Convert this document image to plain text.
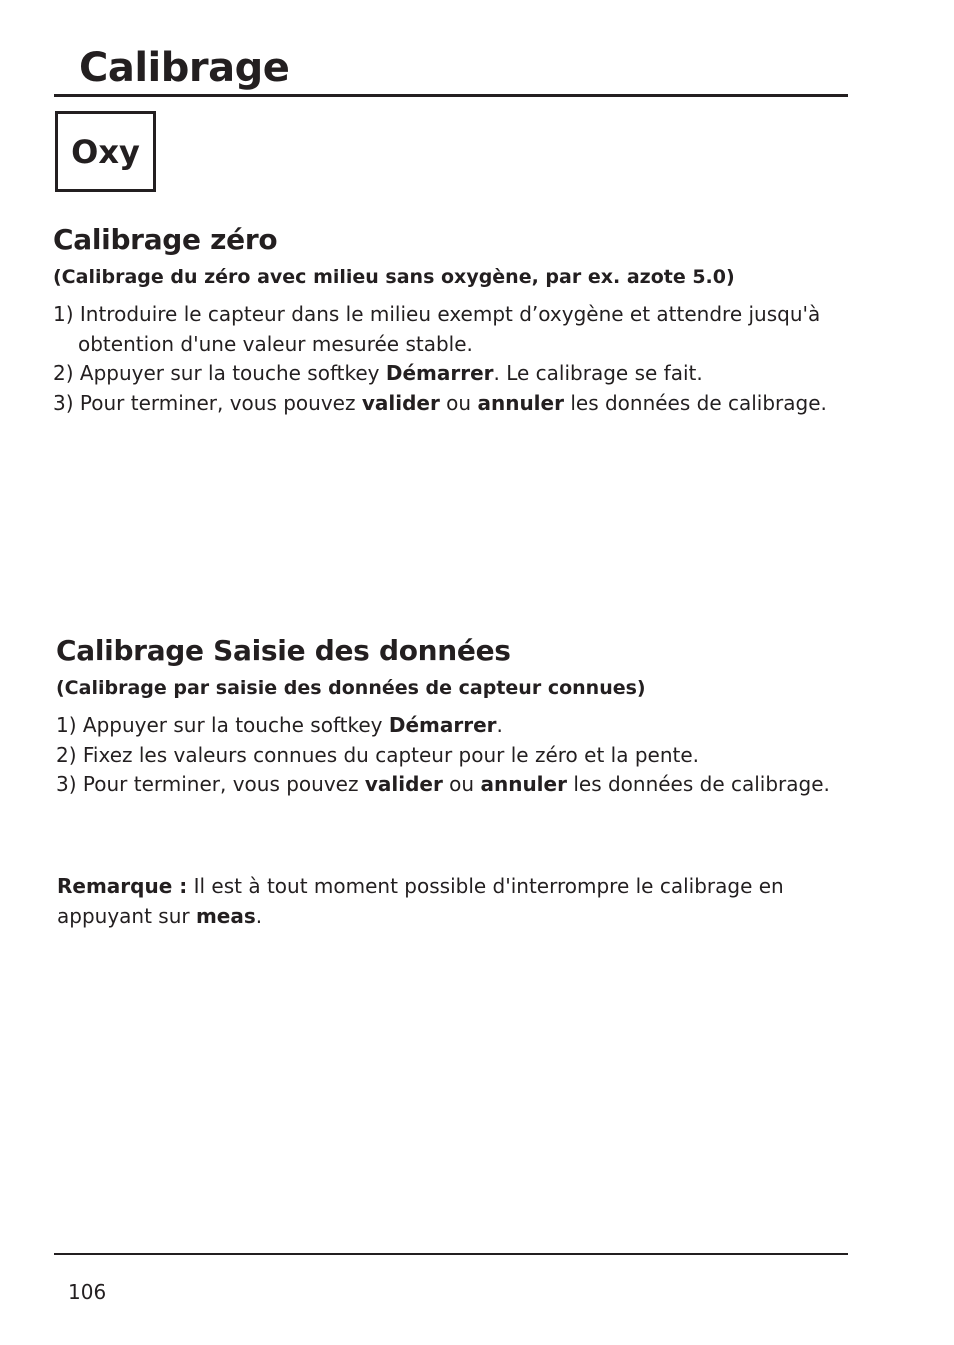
Calibrage
Oxy
Calibrage zéro

(Calibrage du zéro avec milieu sans oxygène, par ex. azote 5.0)

1) Introduire le capteur dans le milieu exempt d’oxygène et attendre jusqu'à obtention d'une valeur mesurée stable.
2) Appuyer sur la touche softkey Démarrer. Le calibrage se fait.
3) Pour terminer, vous pouvez valider ou annuler les données de calibrage.
Calibrage Saisie des données

(Calibrage par saisie des données de capteur connues)

1) Appuyer sur la touche softkey Démarrer.
2) Fixez les valeurs connues du capteur pour le zéro et la pente.
3) Pour terminer, vous pouvez valider ou annuler les données de calibrage.

Remarque : Il est à tout moment possible d'interrompre le calibrage en appuyant sur meas.

106
